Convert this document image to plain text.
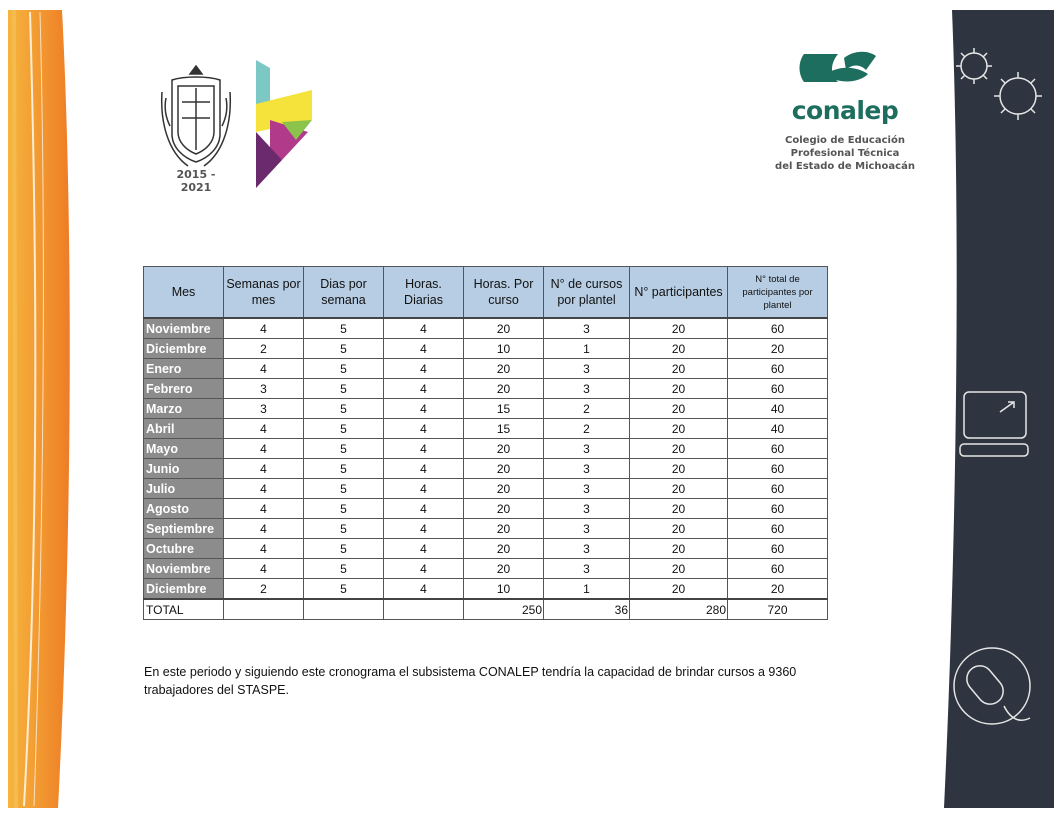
2015 - 2021
conalep
Colegio de Educación
Profesional Técnica
del Estado de Michoacán
Mes	Semanas por mes	Dias por semana	Horas. Diarias	Horas. Por curso	N° de cursos por plantel	N° participantes	N° total de participantes por plantel
Noviembre	4	5	4	20	3	20	60
Diciembre	2	5	4	10	1	20	20
Enero	4	5	4	20	3	20	60
Febrero	3	5	4	20	3	20	60
Marzo	3	5	4	15	2	20	40
Abril	4	5	4	15	2	20	40
Mayo	4	5	4	20	3	20	60
Junio	4	5	4	20	3	20	60
Julio	4	5	4	20	3	20	60
Agosto	4	5	4	20	3	20	60
Septiembre	4	5	4	20	3	20	60
Octubre	4	5	4	20	3	20	60
Noviembre	4	5	4	20	3	20	60
Diciembre	2	5	4	10	1	20	20
TOTAL				250	36	280	720
En este periodo y siguiendo este cronograma el subsistema CONALEP tendría la capacidad de brindar cursos a 9360 trabajadores del STASPE.
